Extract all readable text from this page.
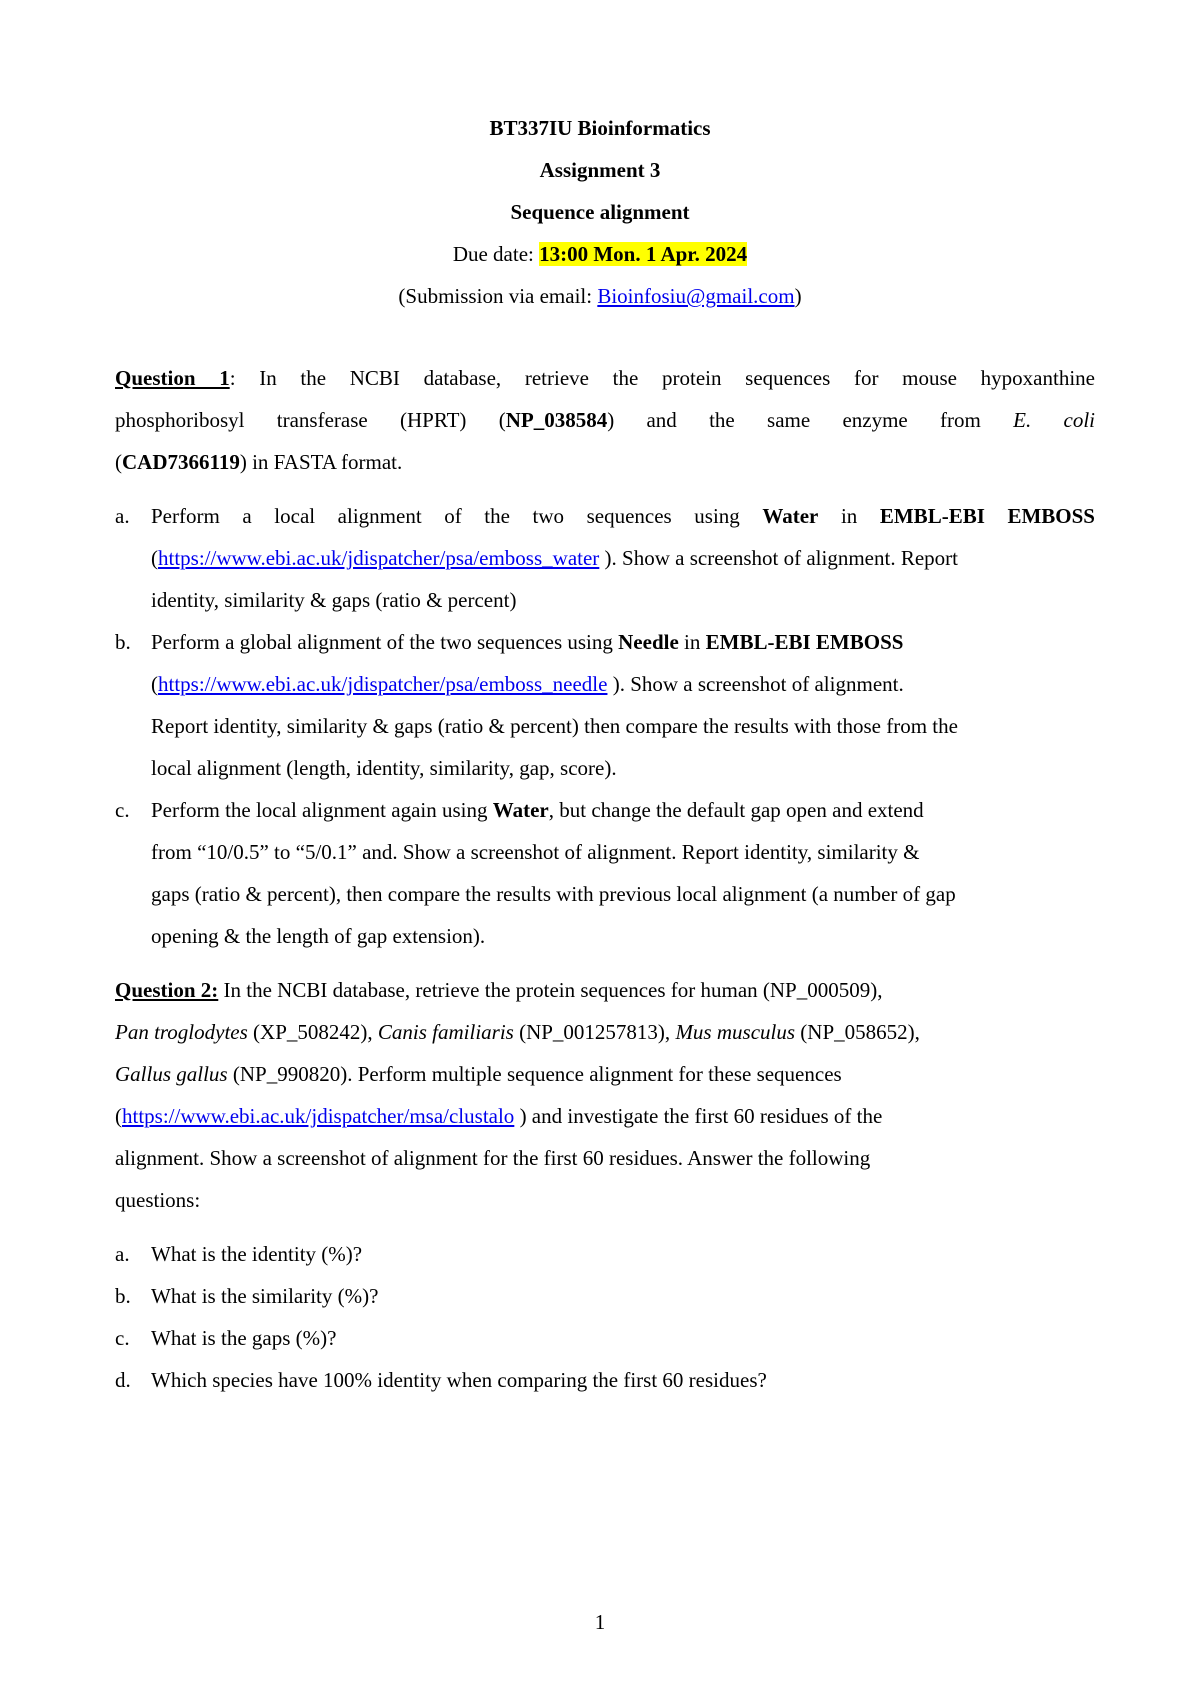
BT337IU Bioinformatics
Assignment 3
Sequence alignment
Due date: 13:00 Mon. 1 Apr. 2024
(Submission via email: Bioinfosiu@gmail.com)
Question 1: In the NCBI database, retrieve the protein sequences for mouse hypoxanthine
phosphoribosyl transferase (HPRT) (NP_038584) and the same enzyme from E. coli
(CAD7366119) in FASTA format.
a. Perform a local alignment of the two sequences using Water in EMBL-EBI EMBOSS
(https://www.ebi.ac.uk/jdispatcher/psa/emboss_water ). Show a screenshot of alignment. Report
identity, similarity & gaps (ratio & percent)
b. Perform a global alignment of the two sequences using Needle in EMBL-EBI EMBOSS
(https://www.ebi.ac.uk/jdispatcher/psa/emboss_needle ). Show a screenshot of alignment.
Report identity, similarity & gaps (ratio & percent) then compare the results with those from the
local alignment (length, identity, similarity, gap, score).
c. Perform the local alignment again using Water, but change the default gap open and extend
from “10/0.5” to “5/0.1” and. Show a screenshot of alignment. Report identity, similarity &
gaps (ratio & percent), then compare the results with previous local alignment (a number of gap
opening & the length of gap extension).
Question 2: In the NCBI database, retrieve the protein sequences for human (NP_000509),
Pan troglodytes (XP_508242), Canis familiaris (NP_001257813), Mus musculus (NP_058652),
Gallus gallus (NP_990820). Perform multiple sequence alignment for these sequences
(https://www.ebi.ac.uk/jdispatcher/msa/clustalo ) and investigate the first 60 residues of the
alignment. Show a screenshot of alignment for the first 60 residues. Answer the following
questions:
a. What is the identity (%)?
b. What is the similarity (%)?
c. What is the gaps (%)?
d. Which species have 100% identity when comparing the first 60 residues?
1
